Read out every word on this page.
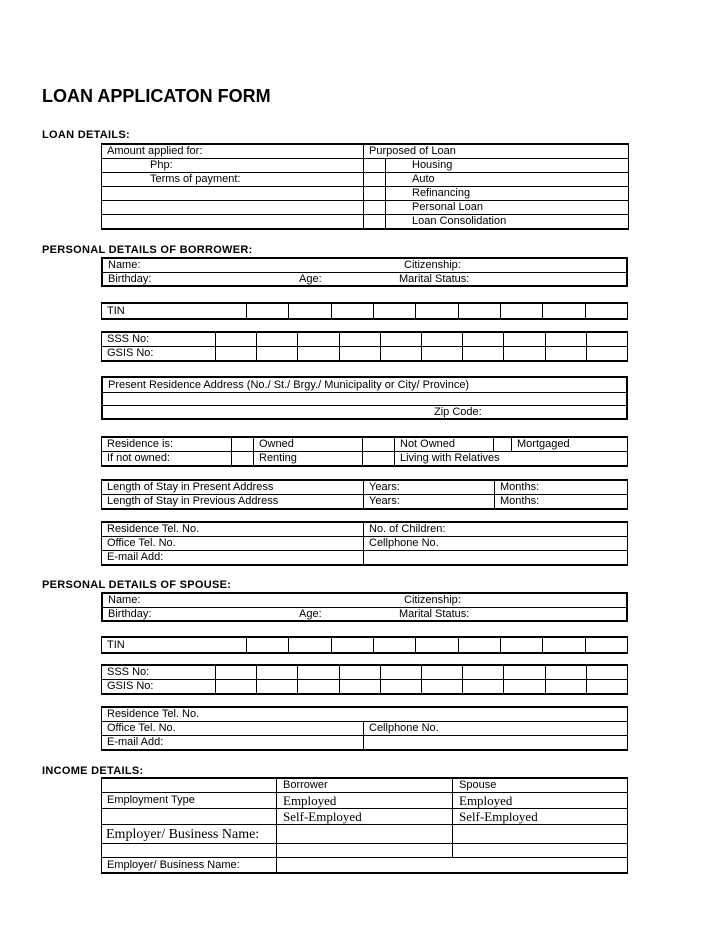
LOAN APPLICATON FORM
LOAN DETAILS:
Amount applied for:	Purposed of Loan	
Php:		Housing
Terms of payment:		Auto
		Refinancing
		Personal Loan
		Loan Consolidation
PERSONAL DETAILS OF BORROWER:
Name:	Citizenship:
Birthday:	Age:	Marital Status:
TIN									
SSS No:										
GSIS No:										
Present Residence Address (No./ St./ Brgy./ Municipality or City/ Province)
Zip Code:
Residence is:		Owned		Not Owned		Mortgaged
If not owned:		Renting		Living with Relatives		
Length of Stay in Present Address	Years:	Months:
Length of Stay in Previous Address	Years:	Months:
Residence Tel. No.	No. of Children:
Office Tel. No.	Cellphone No.
E-mail Add:	
PERSONAL DETAILS OF SPOUSE:
Name:	Citizenship:
Birthday:	Age:	Marital Status:
TIN									
SSS No:										
GSIS No:										
Residence Tel. No.	
Office Tel. No.	Cellphone No.
E-mail Add:	
INCOME DETAILS:
	Borrower	Spouse
Employment Type	Employed	Employed
	Self-Employed	Self-Employed
Employer/ Business Name:		

Employer/ Business Name:		
